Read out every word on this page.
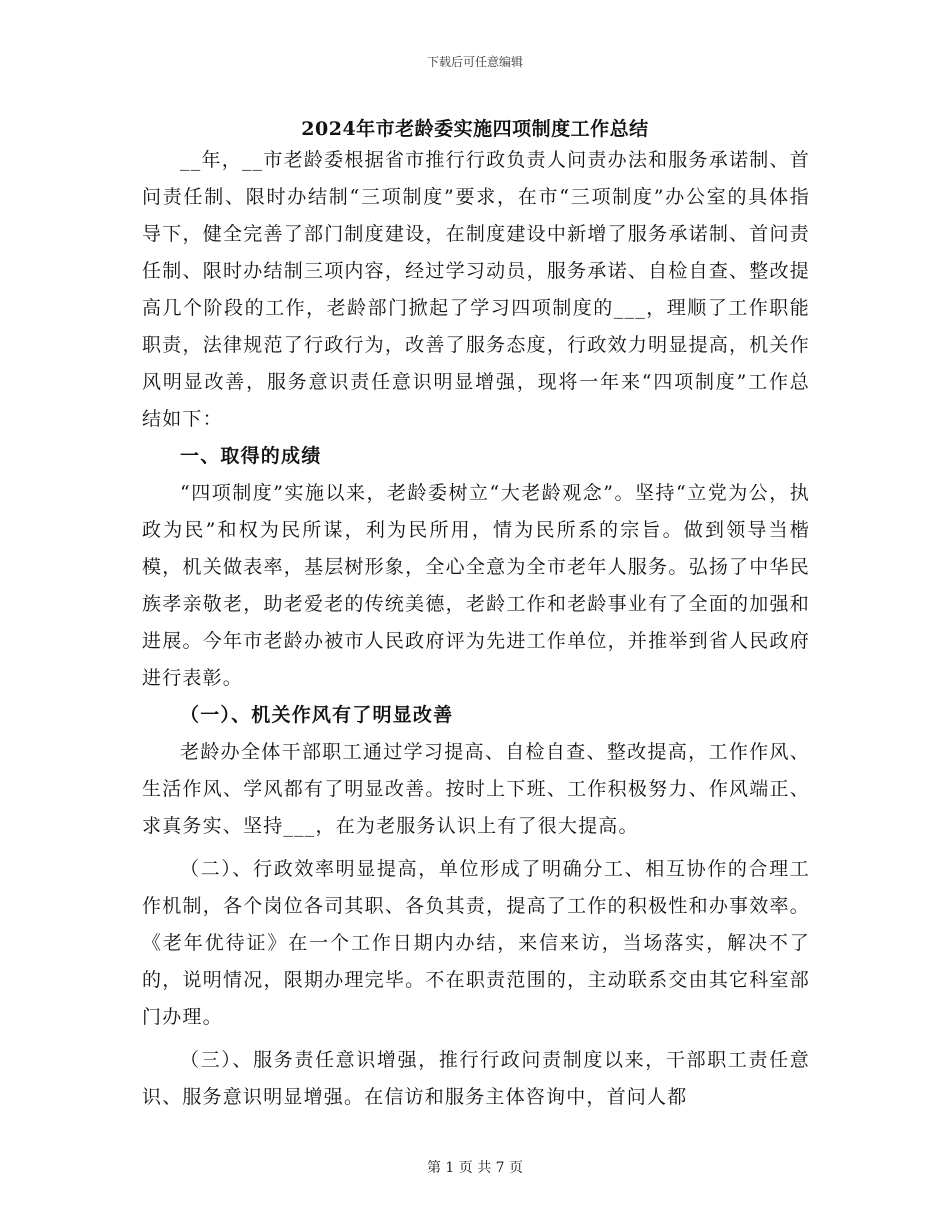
下载后可任意编辑
2024年市老龄委实施四项制度工作总结

__年，__市老龄委根据省市推行行政负责人问责办法和服务承诺制、首问责任制、限时办结制“三项制度”要求，在市“三项制度”办公室的具体指导下，健全完善了部门制度建设，在制度建设中新增了服务承诺制、首问责任制、限时办结制三项内容，经过学习动员，服务承诺、自检自查、整改提高几个阶段的工作，老龄部门掀起了学习四项制度的___，理顺了工作职能职责，法律规范了行政行为，改善了服务态度，行政效力明显提高，机关作风明显改善，服务意识责任意识明显增强，现将一年来“四项制度”工作总结如下：

一、取得的成绩

“四项制度”实施以来，老龄委树立“大老龄观念”。坚持“立党为公，执政为民”和权为民所谋，利为民所用，情为民所系的宗旨。做到领导当楷模，机关做表率，基层树形象，全心全意为全市老年人服务。弘扬了中华民族孝亲敬老，助老爱老的传统美德，老龄工作和老龄事业有了全面的加强和进展。今年市老龄办被市人民政府评为先进工作单位，并推举到省人民政府进行表彰。

（一）、机关作风有了明显改善

老龄办全体干部职工通过学习提高、自检自查、整改提高，工作作风、生活作风、学风都有了明显改善。按时上下班、工作积极努力、作风端正、求真务实、坚持___，在为老服务认识上有了很大提高。

（二）、行政效率明显提高，单位形成了明确分工、相互协作的合理工作机制，各个岗位各司其职、各负其责，提高了工作的积极性和办事效率。《老年优待证》在一个工作日期内办结，来信来访，当场落实，解决不了的，说明情况，限期办理完毕。不在职责范围的，主动联系交由其它科室部门办理。

（三）、服务责任意识增强，推行行政问责制度以来，干部职工责任意识、服务意识明显增强。在信访和服务主体咨询中，首问人都

第 1 页 共 7 页
